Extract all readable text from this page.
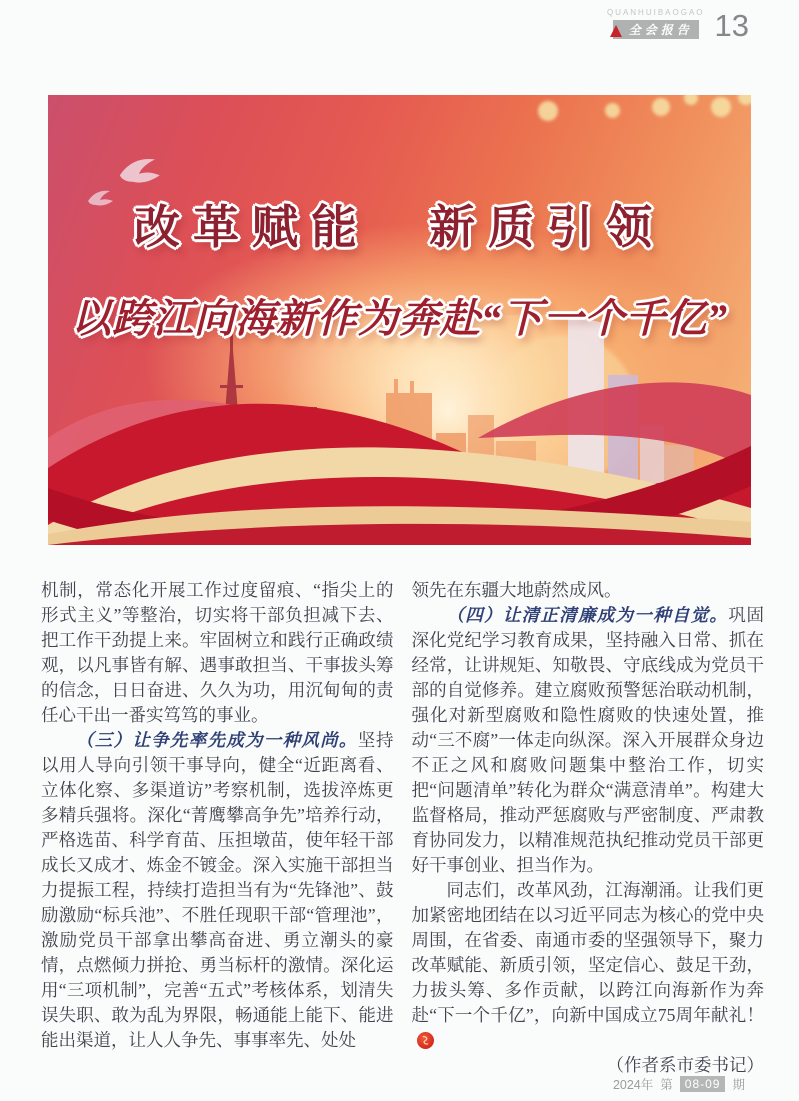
QUANHUIBAOGAO
全会报告 13
改革赋能　新质引领
以跨江向海新作为奔赴“下一个千亿”

机制，常态化开展工作过度留痕、“指尖上的形式主义”等整治，切实将干部负担减下去、把工作干劲提上来。牢固树立和践行正确政绩观，以凡事皆有解、遇事敢担当、干事拔头筹的信念，日日奋进、久久为功，用沉甸甸的责任心干出一番实笃笃的事业。

（三）让争先率先成为一种风尚。坚持以用人导向引领干事导向，健全“近距离看、立体化察、多渠道访”考察机制，选拔淬炼更多精兵强将。深化“菁鹰攀高争先”培养行动，严格选苗、科学育苗、压担墩苗，使年轻干部成长又成才、炼金不镀金。深入实施干部担当力提振工程，持续打造担当有为“先锋池”、鼓励激励“标兵池”、不胜任现职干部“管理池”，激励党员干部拿出攀高奋进、勇立潮头的豪情，点燃倾力拼抢、勇当标杆的激情。深化运用“三项机制”，完善“五式”考核体系，划清失误失职、敢为乱为界限，畅通能上能下、能进能出渠道，让人人争先、事事率先、处处

领先在东疆大地蔚然成风。

（四）让清正清廉成为一种自觉。巩固深化党纪学习教育成果，坚持融入日常、抓在经常，让讲规矩、知敬畏、守底线成为党员干部的自觉修养。建立腐败预警惩治联动机制，强化对新型腐败和隐性腐败的快速处置，推动“三不腐”一体走向纵深。深入开展群众身边不正之风和腐败问题集中整治工作，切实把“问题清单”转化为群众“满意清单”。构建大监督格局，推动严惩腐败与严密制度、严肃教育协同发力，以精准规范执纪推动党员干部更好干事创业、担当作为。

同志们，改革风劲，江海潮涌。让我们更加紧密地团结在以习近平同志为核心的党中央周围，在省委、南通市委的坚强领导下，聚力改革赋能、新质引领，坚定信心、鼓足干劲，力拔头筹、多作贡献，以跨江向海新作为奔赴“下一个千亿”，向新中国成立75周年献礼！

（作者系市委书记）

2024年 第	08-09 期
